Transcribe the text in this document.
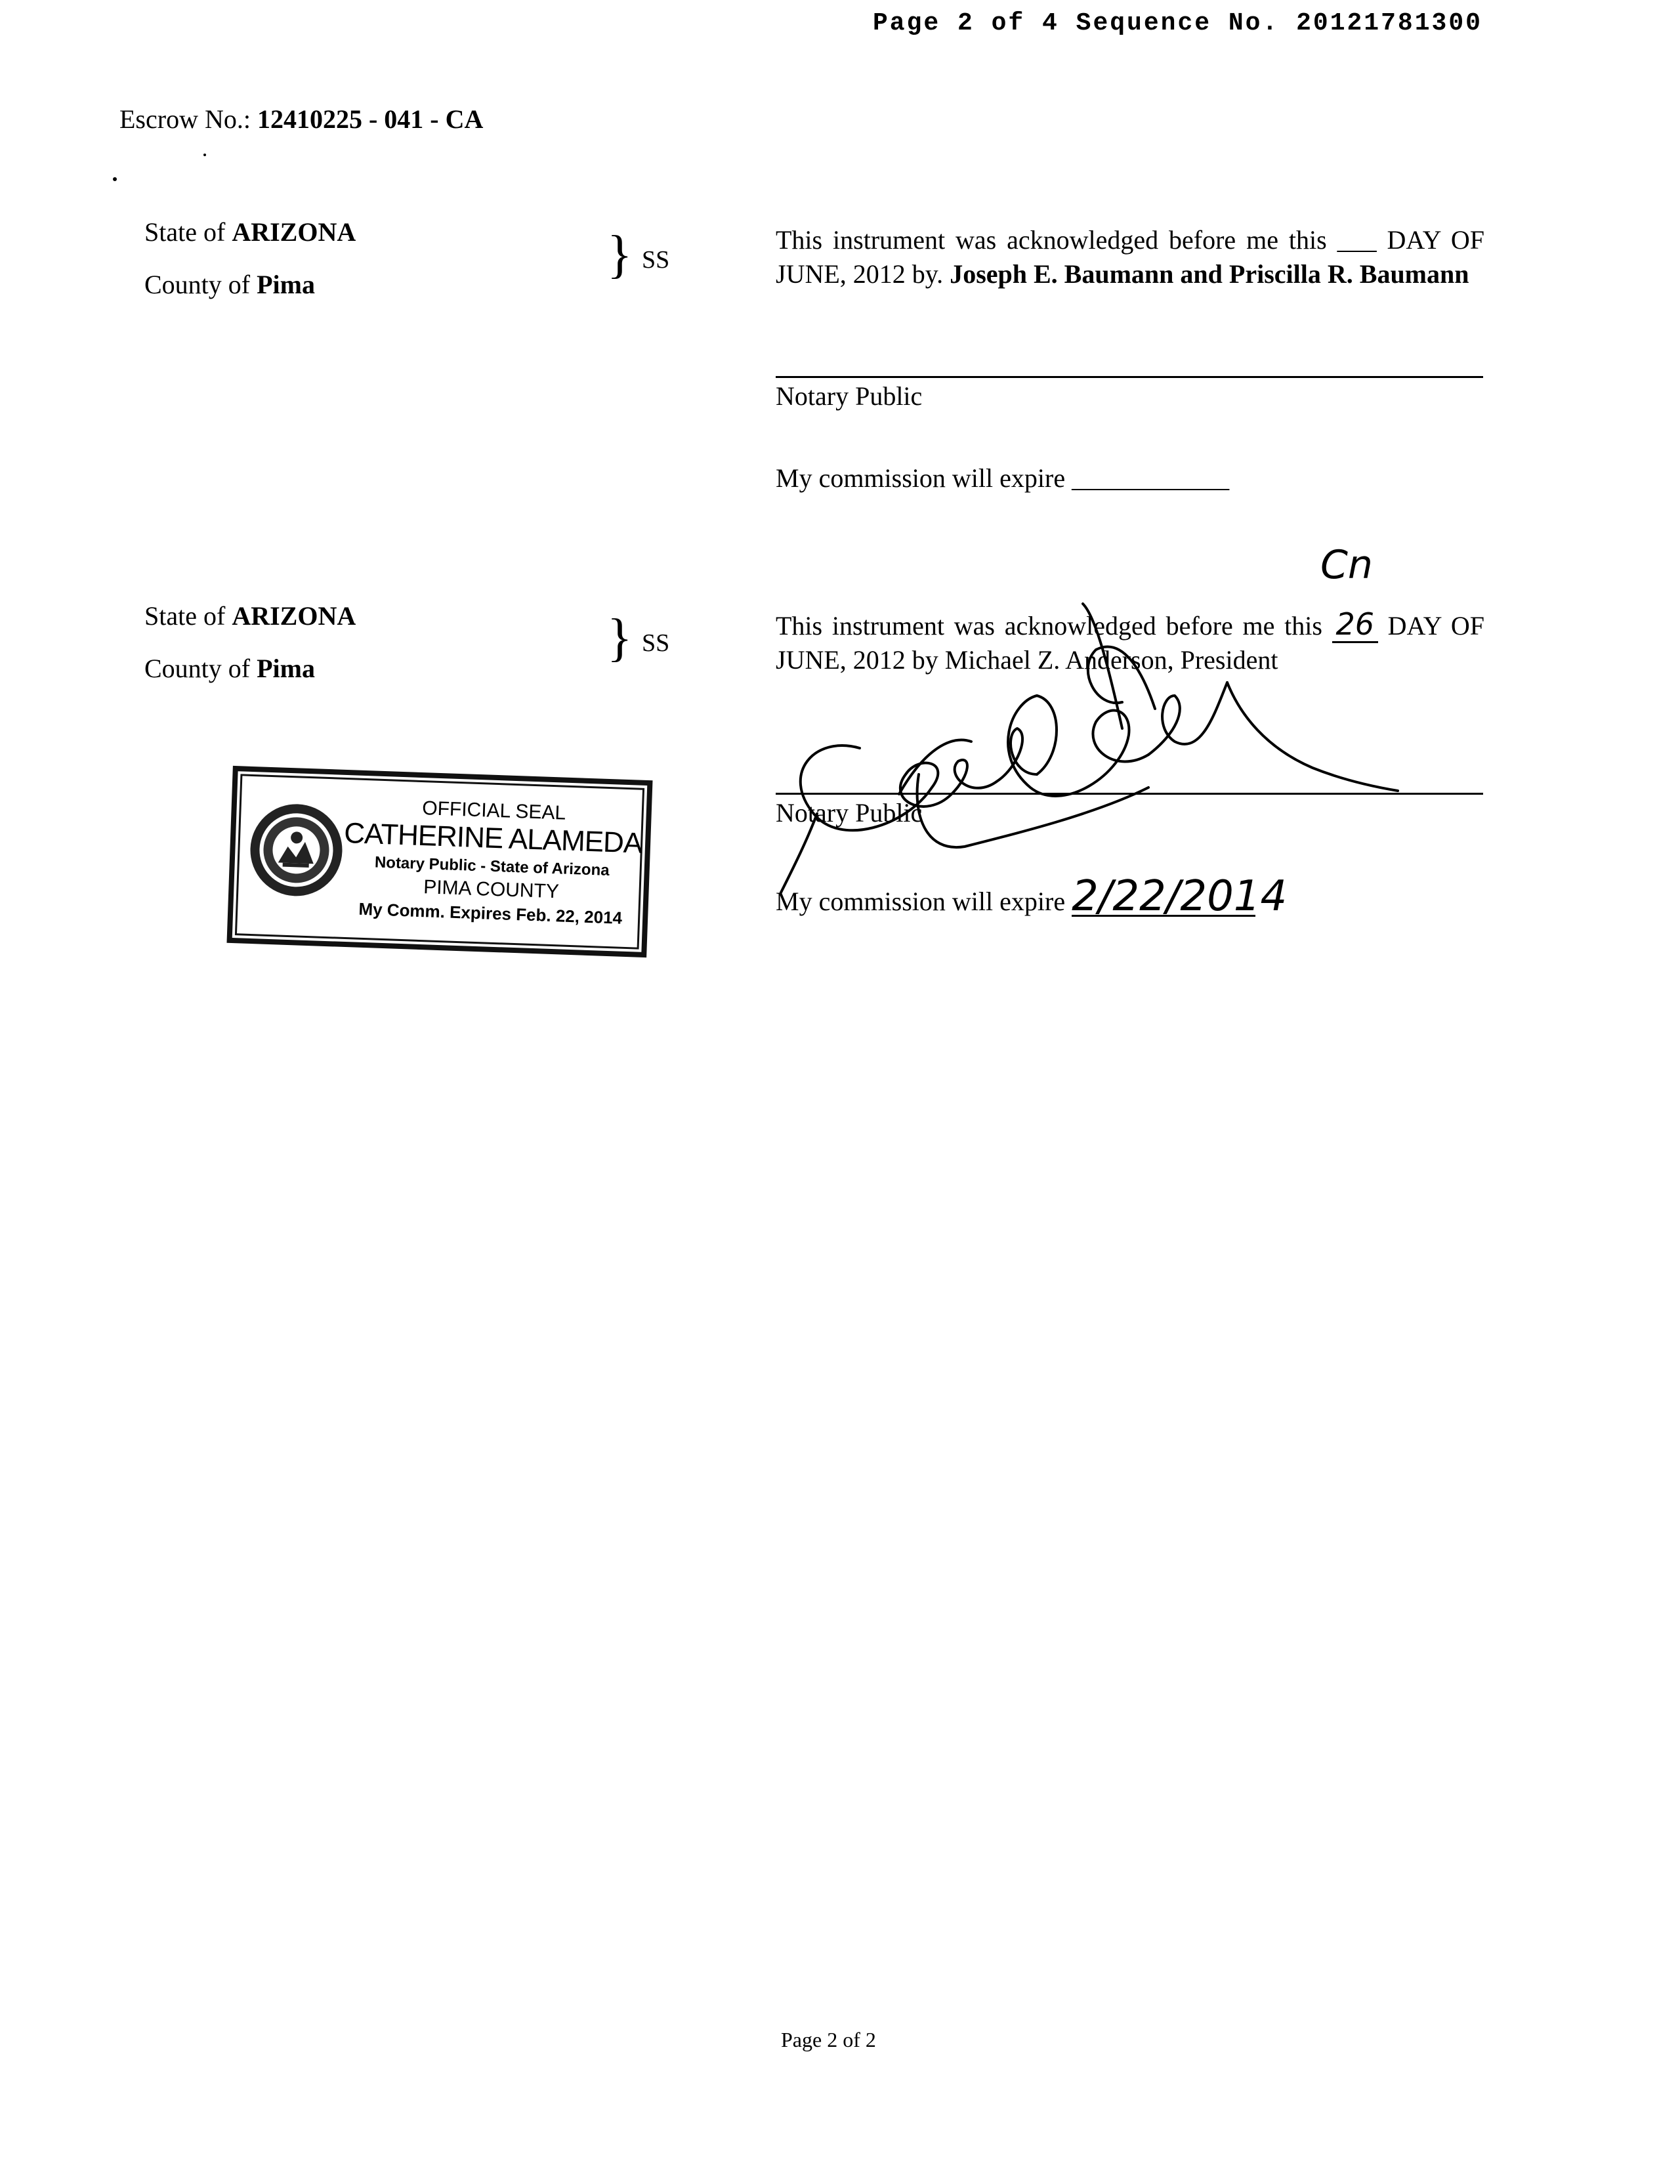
Page 2 of 4 Sequence No. 20121781300
Escrow No.: 12410225 - 041 - CA
State of ARIZONA
County of Pima
} SS
This instrument was acknowledged before me this ___ DAY OF JUNE, 2012 by. Joseph E. Baumann and Priscilla R. Baumann
Notary Public
My commission will expire ____________
State of ARIZONA
County of Pima
} SS
This instrument was acknowledged before me this 26 DAY OF JUNE, 2012 by Michael Z. Anderson, President
Cn
Notary Public
My commission will expire 2/22/2014
OFFICIAL SEAL
CATHERINE ALAMEDA
Notary Public - State of Arizona
PIMA COUNTY
My Comm. Expires Feb. 22, 2014
Page 2 of 2
